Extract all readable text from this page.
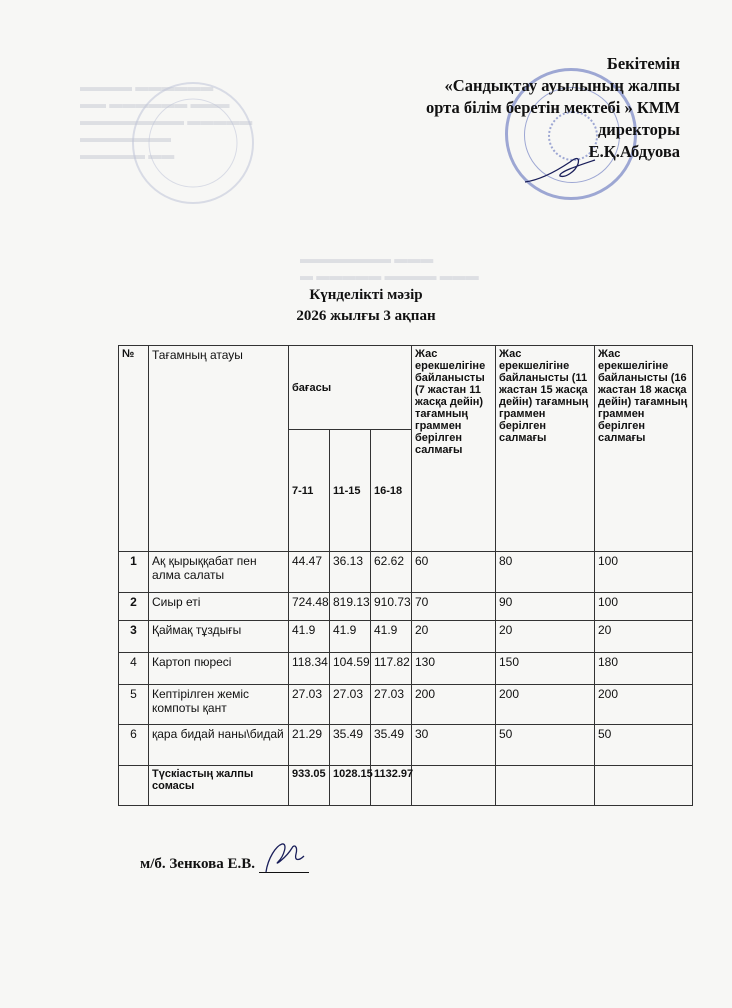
▬▬▬▬ ▬▬▬▬▬▬
▬▬ ▬▬▬▬▬▬ ▬▬▬
▬▬▬▬▬▬▬▬ ▬▬▬▬▬
▬▬▬▬▬▬▬
▬▬▬▬▬ ▬▬
▬▬▬▬▬▬▬ ▬▬▬
▬ ▬▬▬▬▬ ▬▬▬▬ ▬▬▬
Бекітемін
«Сандықтау ауылының жалпы
орта білім беретін мектебі » КММ
директоры
Е.Қ.Абдуова
Күнделікті мәзір
2026 жылғы 3 ақпан
№	Тағамның атауы	бағасы			Жас ерекшелігіне байланысты (7 жастан 11 жасқа дейін) тағамның граммен берілген салмағы	Жас ерекшелігіне байланысты (11 жастан 15 жасқа дейін) тағамның граммен берілген салмағы	Жас ерекшелігіне байланысты (16 жастан 18 жасқа дейін) тағамның граммен берілген салмағы
		7-11	11-15	16-18			
1	Ақ қырыққабат пен алма салаты	44.47	36.13	62.62	60	80	100
2	Сиыр еті	724.48	819.13	910.73	70	90	100
3	Қаймақ тұздығы	41.9	41.9	41.9	20	20	20
4	Картоп пюресі	118.34	104.59	117.82	130	150	180
5	Кептірілген жеміс компоты қант	27.03	27.03	27.03	200	200	200
6	қара бидай наны\бидай	21.29	35.49	35.49	30	50	50
	Түскіастың жалпы сомасы	933.05	1028.15	1132.97			
м/б. Зенкова Е.В.
